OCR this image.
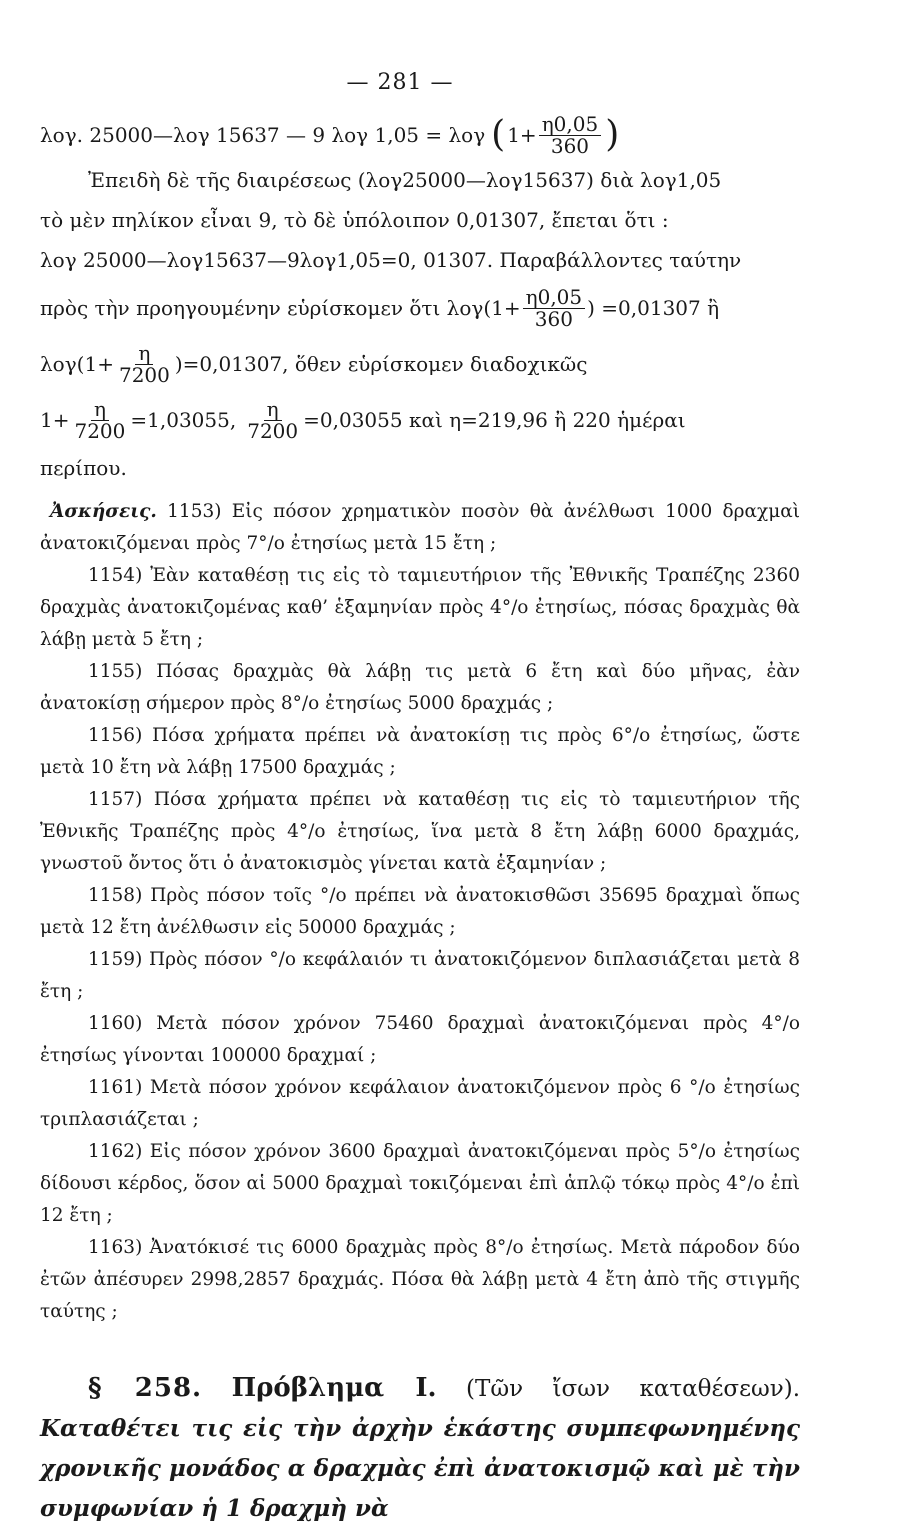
— 281 —
λογ. 25000—λογ 15637 — 9 λογ 1,05 = λογ ( $1+ \frac{\eta 0,05}{360}$ )
Ἐπειδὴ δὲ τῆς διαιρέσεως (λογ25000—λογ15637) διὰ λογ1,05
τὸ μὲν πηλίκον εἶναι 9, τὸ δὲ ὑπόλοιπον 0,01307, ἔπεται ὅτι :
λογ 25000—λογ15637—9λογ1,05=0, 01307. Παραβάλλοντες ταύτην
πρὸς τὴν προηγουμένην εὑρίσκομεν ὅτι $\lambda o\gamma(1+ \frac{\eta 0,05}{360}$ ) =0,01307 ἢ
$\lambda o\gamma(1+ \frac{\eta}{7200} )=0,01307$, ὅθεν εὑρίσκομεν διαδοχικῶς
$1+ \frac{\eta}{7200} =1,03055$, $\frac{\eta}{7200} =0,03055$ καὶ η=219,96 ἢ 220 ἡμέραι
περίπου.

Ἀσκήσεις. 1153) Εἰς πόσον χρηματικὸν ποσὸν θὰ ἀνέλθωσι 1000 δραχμαὶ ἀνατοκιζόμεναι πρὸς 7°/ο ἐτησίως μετὰ 15 ἔτη ;

1154) Ἐὰν καταθέσῃ τις εἰς τὸ ταμιευτήριον τῆς Ἐθνικῆς Τραπέζης 2360 δραχμὰς ἀνατοκιζομένας καθ’ ἑξαμηνίαν πρὸς 4°/ο ἐτησίως, πόσας δραχμὰς θὰ λάβῃ μετὰ 5 ἔτη ;

1155) Πόσας δραχμὰς θὰ λάβῃ τις μετὰ 6 ἔτη καὶ δύο μῆνας, ἐὰν ἀνατοκίσῃ σήμερον πρὸς 8°/ο ἐτησίως 5000 δραχμάς ;

1156) Πόσα χρήματα πρέπει νὰ ἀνατοκίσῃ τις πρὸς 6°/ο ἐτησίως, ὥστε μετὰ 10 ἔτη νὰ λάβῃ 17500 δραχμάς ;

1157) Πόσα χρήματα πρέπει νὰ καταθέσῃ τις εἰς τὸ ταμιευτήριον τῆς Ἐθνικῆς Τραπέζης πρὸς 4°/ο ἐτησίως, ἵνα μετὰ 8 ἔτη λάβῃ 6000 δραχμάς, γνωστοῦ ὄντος ὅτι ὁ ἀνατοκισμὸς γίνεται κατὰ ἑξαμηνίαν ;

1158) Πρὸς πόσον τοῖς °/ο πρέπει νὰ ἀνατοκισθῶσι 35695 δραχμαὶ ὅπως μετὰ 12 ἔτη ἀνέλθωσιν εἰς 50000 δραχμάς ;

1159) Πρὸς πόσον °/ο κεφάλαιόν τι ἀνατοκιζόμενον διπλασιάζεται μετὰ 8 ἔτη ;

1160) Μετὰ πόσον χρόνον 75460 δραχμαὶ ἀνατοκιζόμεναι πρὸς 4°/ο ἐτησίως γίνονται 100000 δραχμαί ;

1161) Μετὰ πόσον χρόνον κεφάλαιον ἀνατοκιζόμενον πρὸς 6 °/ο ἐτησίως τριπλασιάζεται ;

1162) Εἰς πόσον χρόνον 3600 δραχμαὶ ἀνατοκιζόμεναι πρὸς 5°/ο ἐτησίως δίδουσι κέρδος, ὅσον αἱ 5000 δραχμαὶ τοκιζόμεναι ἐπὶ ἁπλῷ τόκῳ πρὸς 4°/ο ἐπὶ 12 ἔτη ;

1163) Ἀνατόκισέ τις 6000 δραχμὰς πρὸς 8°/ο ἐτησίως. Μετὰ πάροδον δύο ἐτῶν ἀπέσυρεν 2998,2857 δραχμάς. Πόσα θὰ λάβῃ μετὰ 4 ἔτη ἀπὸ τῆς στιγμῆς ταύτης ;

§ 258. Πρόβλημα Ι. (Τῶν ἴσων καταθέσεων). Καταθέτει τις εἰς τὴν ἀρχὴν ἑκάστης συμπεφωνημένης χρονικῆς μονάδος α δραχμὰς ἐπὶ ἀνατοκισμῷ καὶ μὲ τὴν συμφωνίαν ἡ 1 δραχμὴ νὰ
